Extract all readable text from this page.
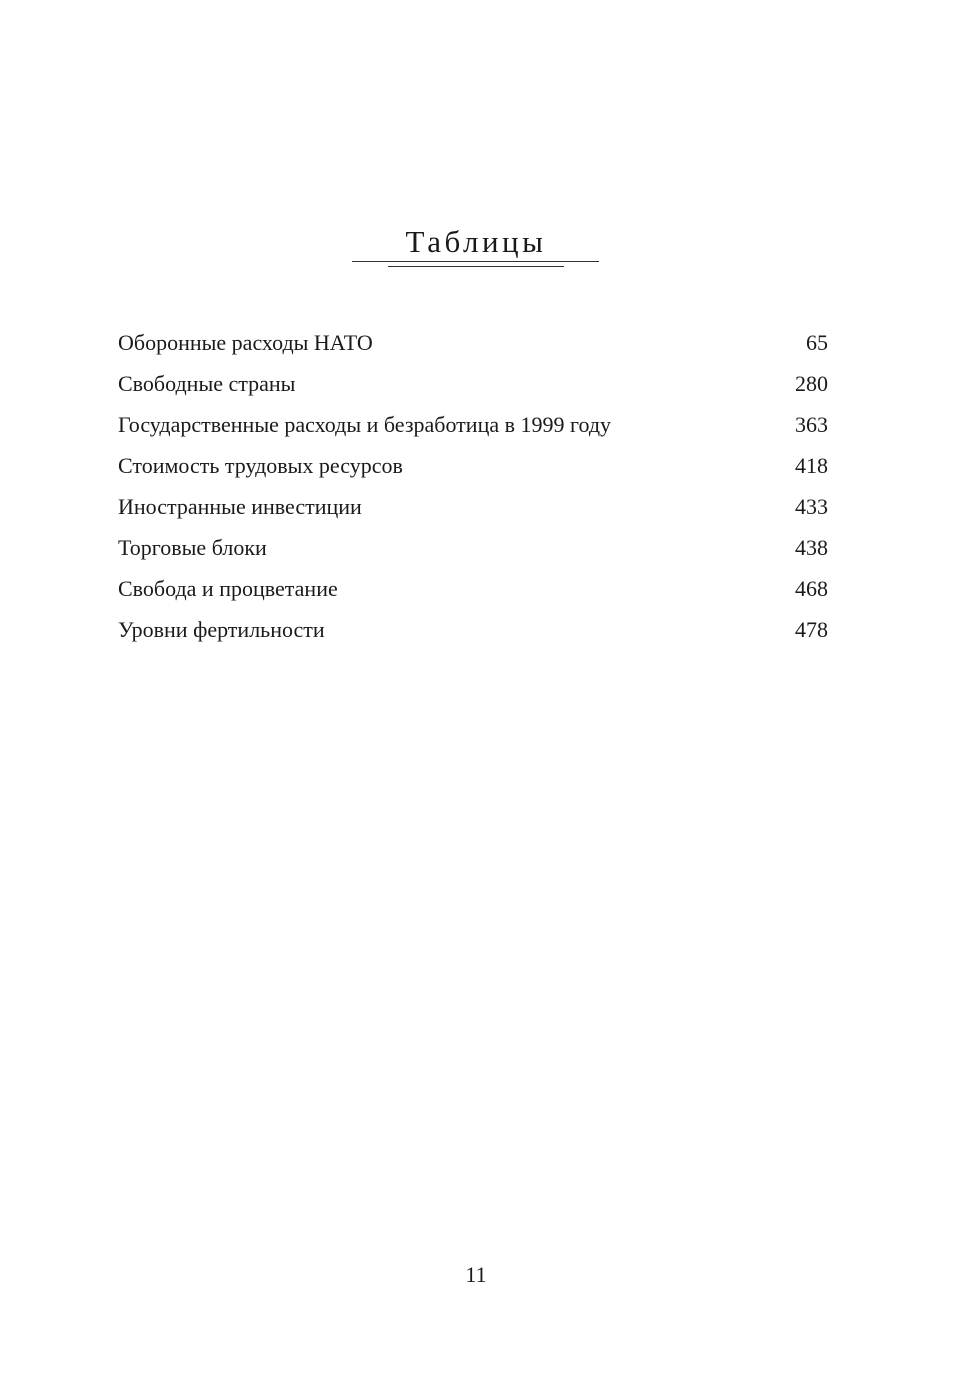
Таблицы
Оборонные расходы НАТО	65
Свободные страны	280
Государственные расходы и безработица в 1999 году	363
Стоимость трудовых ресурсов	418
Иностранные инвестиции	433
Торговые блоки	438
Свобода и процветание	468
Уровни фертильности	478
11
